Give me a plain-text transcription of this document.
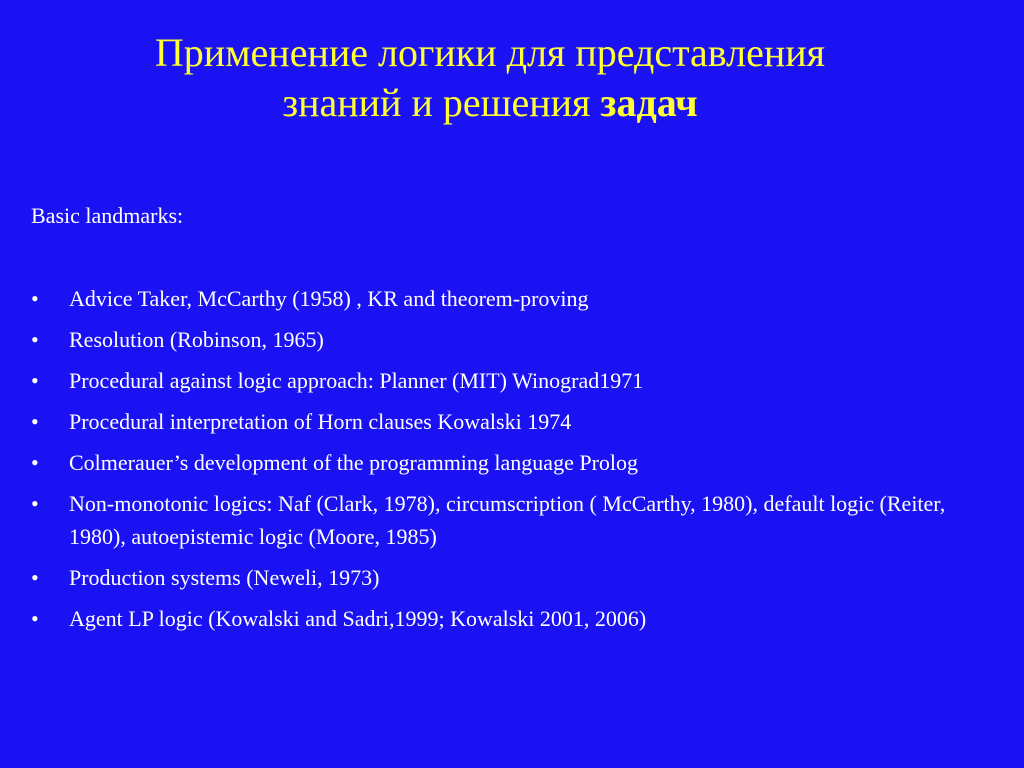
Применение логики для представления
знаний и решения задач
Basic landmarks:
• Advice Taker, McCarthy (1958) , KR and theorem-proving
• Resolution (Robinson, 1965)
• Procedural against logic approach: Planner (MIT) Winograd1971
• Procedural interpretation of Horn clauses Kowalski 1974
• Colmerauer’s development of the programming language Prolog
• Non-monotonic logics: Naf (Clark, 1978), circumscription ( McCarthy, 1980), default logic (Reiter, 1980), autoepistemic logic (Moore, 1985)
• Production systems (Neweli, 1973)
• Agent LP logic (Kowalski and Sadri,1999; Kowalski 2001, 2006)
